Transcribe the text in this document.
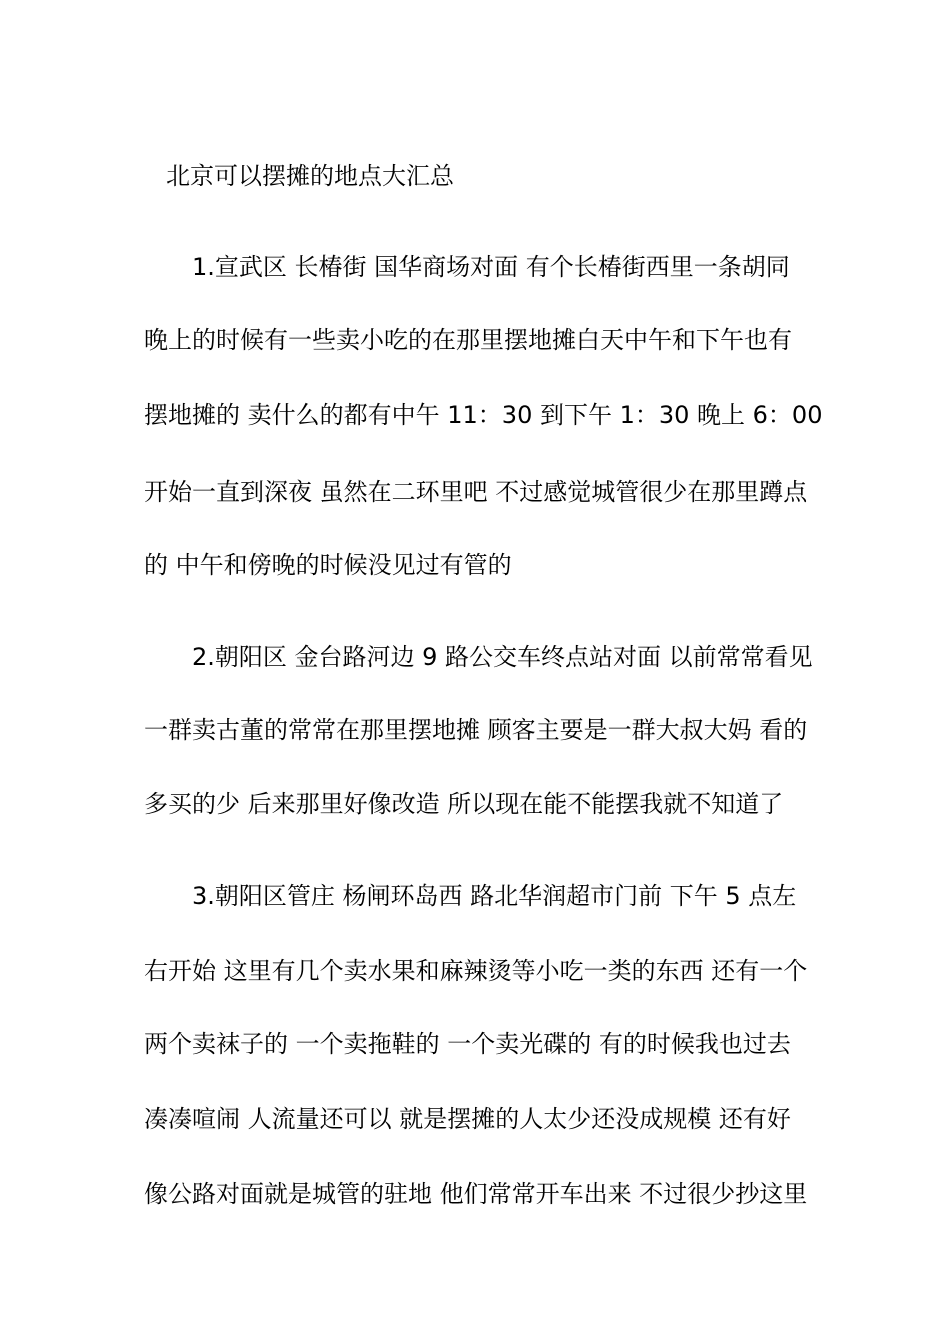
北京可以摆摊的地点大汇总
1.宣武区 长椿街 国华商场对面 有个长椿街西里一条胡同
晚上的时候有一些卖小吃的在那里摆地摊白天中午和下午也有
摆地摊的 卖什么的都有中午 11：30 到下午 1：30 晚上 6：00
开始一直到深夜 虽然在二环里吧 不过感觉城管很少在那里蹲点
的 中午和傍晚的时候没见过有管的
2.朝阳区 金台路河边 9 路公交车终点站对面 以前常常看见
一群卖古董的常常在那里摆地摊 顾客主要是一群大叔大妈 看的
多买的少 后来那里好像改造 所以现在能不能摆我就不知道了
3.朝阳区管庄 杨闸环岛西 路北华润超市门前 下午 5 点左
右开始 这里有几个卖水果和麻辣烫等小吃一类的东西 还有一个
两个卖袜子的 一个卖拖鞋的 一个卖光碟的 有的时候我也过去
凑凑喧闹 人流量还可以 就是摆摊的人太少还没成规模 还有好
像公路对面就是城管的驻地 他们常常开车出来 不过很少抄这里
